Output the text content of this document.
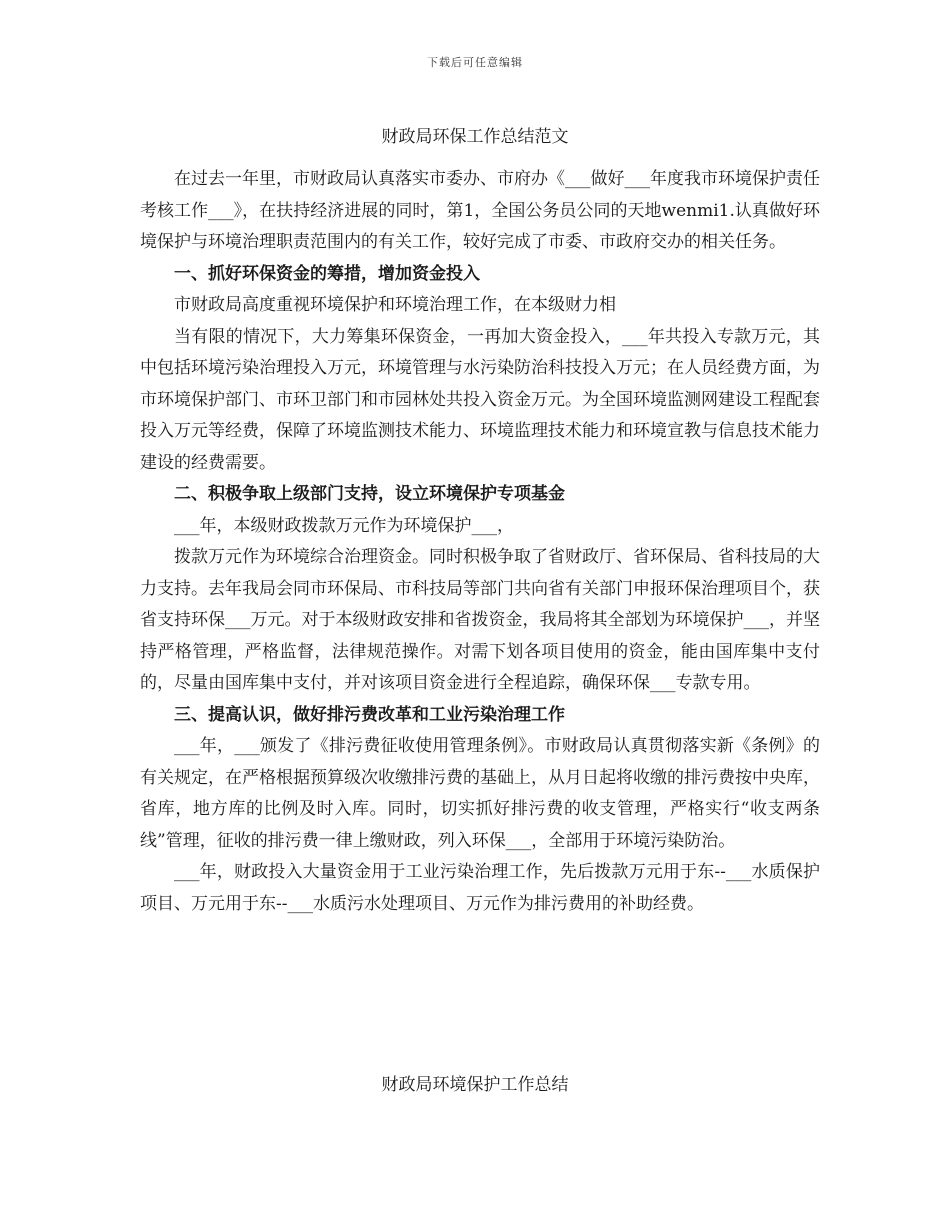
下载后可任意编辑
财政局环保工作总结范文

在过去一年里，市财政局认真落实市委办、市府办《___做好___年度我市环境保护责任考核工作___》，在扶持经济进展的同时，第1，全国公务员公同的天地wenmi1.认真做好环境保护与环境治理职责范围内的有关工作，较好完成了市委、市政府交办的相关任务。

一、抓好环保资金的筹措，增加资金投入

市财政局高度重视环境保护和环境治理工作，在本级财力相

当有限的情况下，大力筹集环保资金，一再加大资金投入，___年共投入专款万元，其中包括环境污染治理投入万元，环境管理与水污染防治科技投入万元；在人员经费方面，为市环境保护部门、市环卫部门和市园林处共投入资金万元。为全国环境监测网建设工程配套投入万元等经费，保障了环境监测技术能力、环境监理技术能力和环境宣教与信息技术能力建设的经费需要。

二、积极争取上级部门支持，设立环境保护专项基金

___年，本级财政拨款万元作为环境保护___，

拨款万元作为环境综合治理资金。同时积极争取了省财政厅、省环保局、省科技局的大力支持。去年我局会同市环保局、市科技局等部门共向省有关部门申报环保治理项目个，获省支持环保___万元。对于本级财政安排和省拨资金，我局将其全部划为环境保护___，并坚持严格管理，严格监督，法律规范操作。对需下划各项目使用的资金，能由国库集中支付的，尽量由国库集中支付，并对该项目资金进行全程追踪，确保环保___专款专用。

三、提高认识，做好排污费改革和工业污染治理工作

___年，___颁发了《排污费征收使用管理条例》。市财政局认真贯彻落实新《条例》的有关规定，在严格根据预算级次收缴排污费的基础上，从月日起将收缴的排污费按中央库，省库，地方库的比例及时入库。同时，切实抓好排污费的收支管理，严格实行“收支两条线”管理，征收的排污费一律上缴财政，列入环保___，全部用于环境污染防治。

___年，财政投入大量资金用于工业污染治理工作，先后拨款万元用于东--___水质保护项目、万元用于东--___水质污水处理项目、万元作为排污费用的补助经费。

财政局环境保护工作总结
